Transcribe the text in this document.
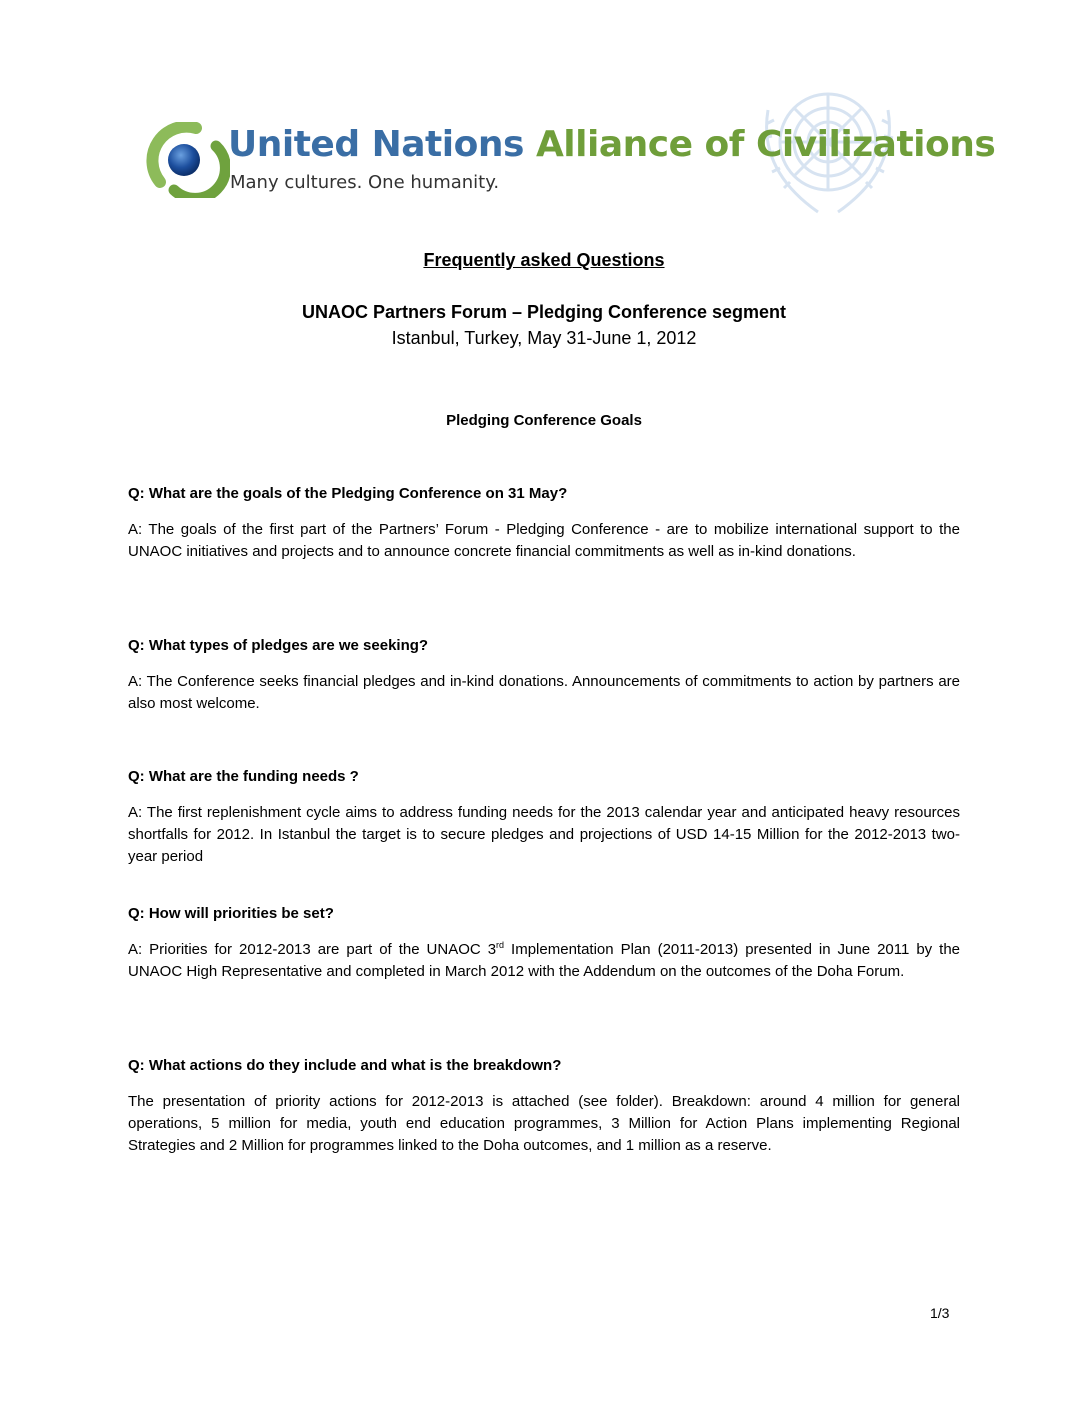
United Nations Alliance of Civilizations
Many cultures. One humanity.
Frequently asked Questions
UNAOC Partners Forum – Pledging Conference segment
Istanbul, Turkey, May 31-June 1, 2012
Pledging Conference Goals
Q: What are the goals of the Pledging Conference on 31 May?
A: The goals of the first part of the Partners’ Forum - Pledging Conference - are to mobilize international support to the UNAOC initiatives and projects and to announce concrete financial commitments as well as in-kind donations.
Q: What types of pledges are we seeking?
A: The Conference seeks financial pledges and in-kind donations. Announcements of commitments to action by partners are also most welcome.
Q: What are the funding needs ?
A: The first replenishment cycle aims to address funding needs for the 2013 calendar year and anticipated heavy resources shortfalls for 2012. In Istanbul the target is to secure pledges and projections of USD 14-15 Million for the 2012-2013 two-year period
Q: How will priorities be set?
A: Priorities for 2012-2013 are part of the UNAOC 3rd Implementation Plan (2011-2013) presented in June 2011 by the UNAOC High Representative and completed in March 2012 with the Addendum on the outcomes of the Doha Forum.
Q: What actions do they include and what is the breakdown?
The presentation of priority actions for 2012-2013 is attached (see folder). Breakdown: around 4 million for general operations, 5 million for media, youth end education programmes, 3 Million for Action Plans implementing Regional Strategies and 2 Million for programmes linked to the Doha outcomes, and 1 million as a reserve.
1/3
